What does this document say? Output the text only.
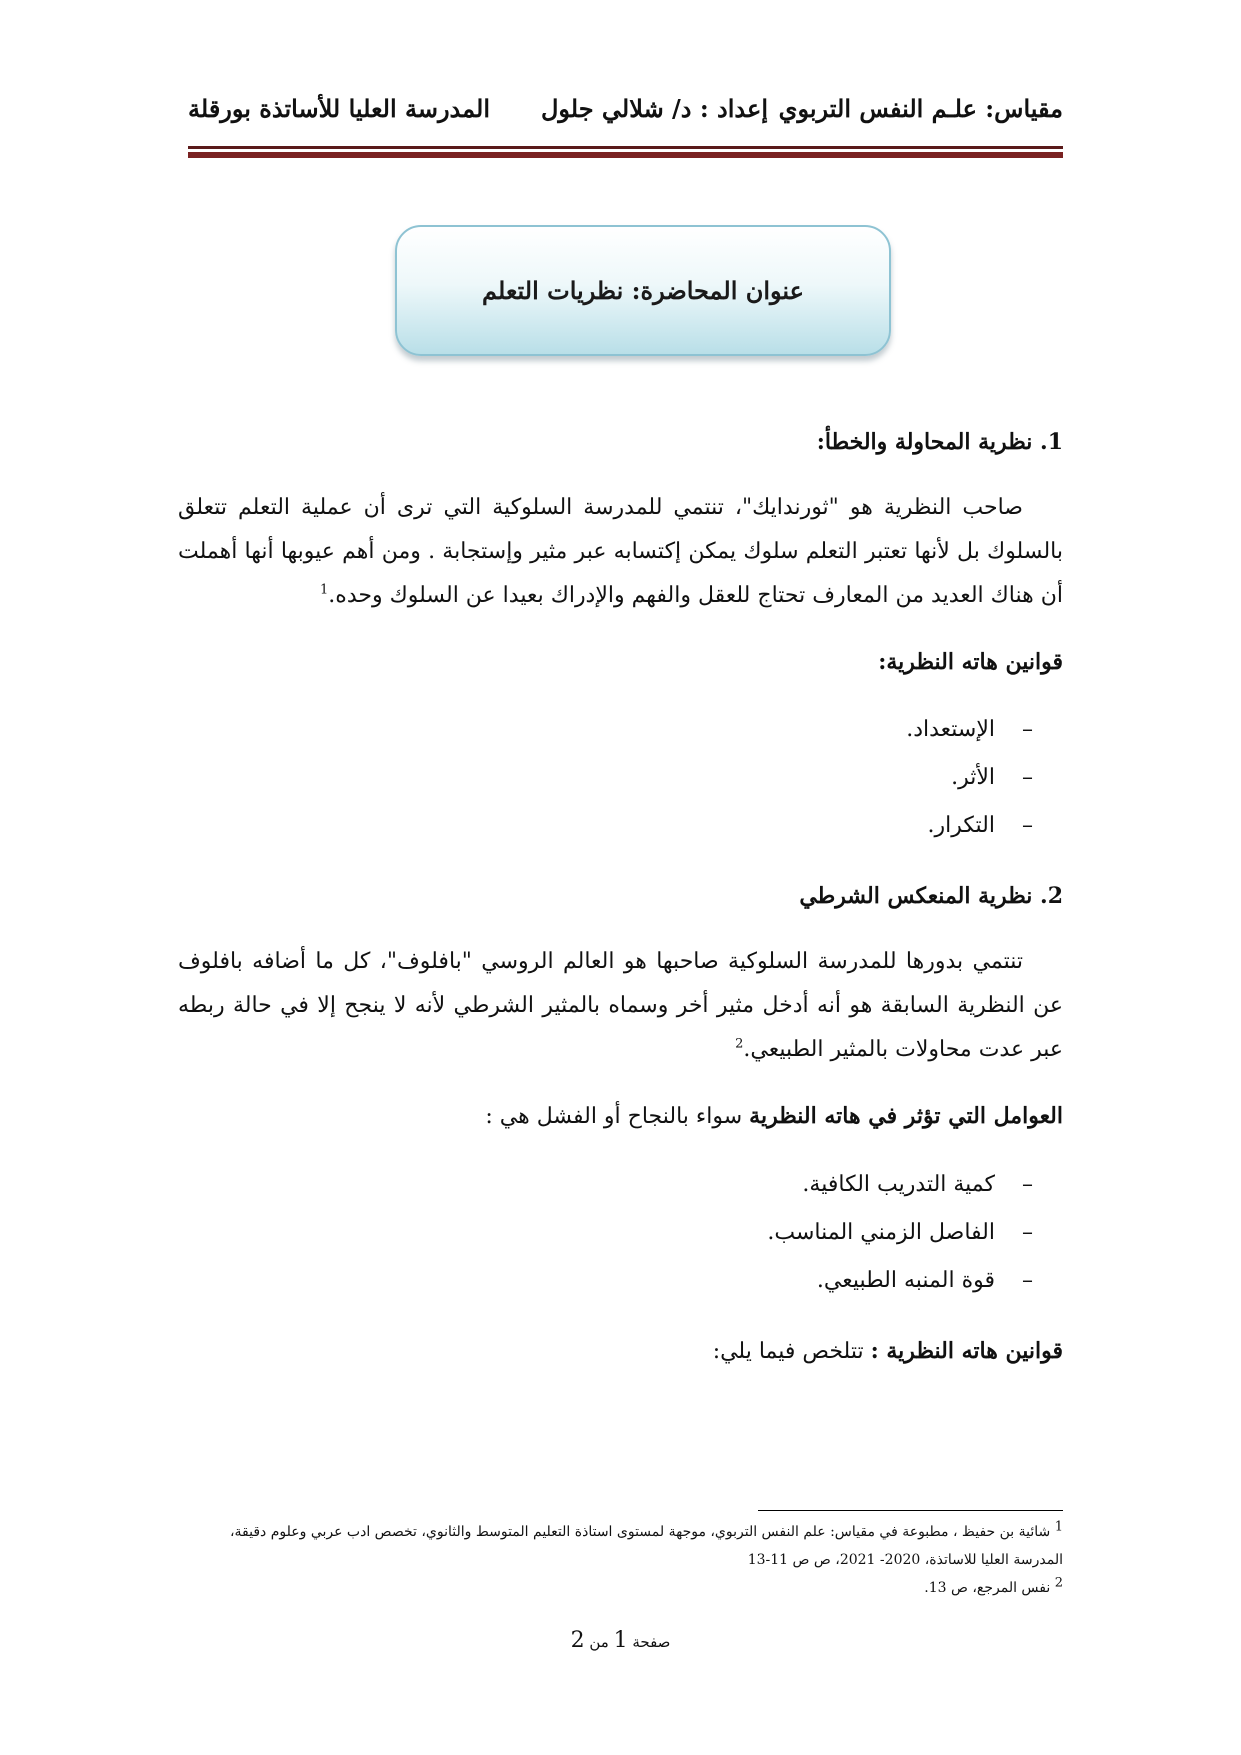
مقياس: علـم النفس التربوي
إعداد : د/ شلالي جلول
المدرسة العليا للأساتذة بورقلة
عنوان المحاضرة: نظريات التعلم

1. نظرية المحاولة والخطأ:

صاحب النظرية هو "ثورندايك"، تنتمي للمدرسة السلوكية التي ترى أن عملية التعلم تتعلق بالسلوك بل لأنها تعتبر التعلم سلوك يمكن إكتسابه عبر مثير وإستجابة . ومن أهم عيوبها أنها أهملت أن هناك العديد من المعارف تحتاج للعقل والفهم والإدراك بعيدا عن السلوك وحده.$^1$

قوانين هاته النظرية:

–الإستعداد.
–الأثر.
–التكرار.

2. نظرية المنعكس الشرطي

تنتمي بدورها للمدرسة السلوكية صاحبها هو العالم الروسي "بافلوف"، كل ما أضافه بافلوف عن النظرية السابقة هو أنه أدخل مثير أخر وسماه بالمثير الشرطي لأنه لا ينجح إلا في حالة ربطه عبر عدت محاولات بالمثير الطبيعي.$^2$

العوامل التي تؤثر في هاته النظرية سواء بالنجاح أو الفشل هي :

–كمية التدريب الكافية.
–الفاصل الزمني المناسب.
–قوة المنبه الطبيعي.

قوانين هاته النظرية : تتلخص فيما يلي:

$^1$ شائية بن حفيظ ، مطبوعة في مقياس: علم النفس التربوي، موجهة لمستوى استاذة التعليم المتوسط والثانوي، تخصص ادب عربي وعلوم دقيقة، المدرسة العليا للاساتذة، 2020- 2021، ص ص 11-13

$^2$ نفس المرجع، ص 13.

صفحة 1 من 2
